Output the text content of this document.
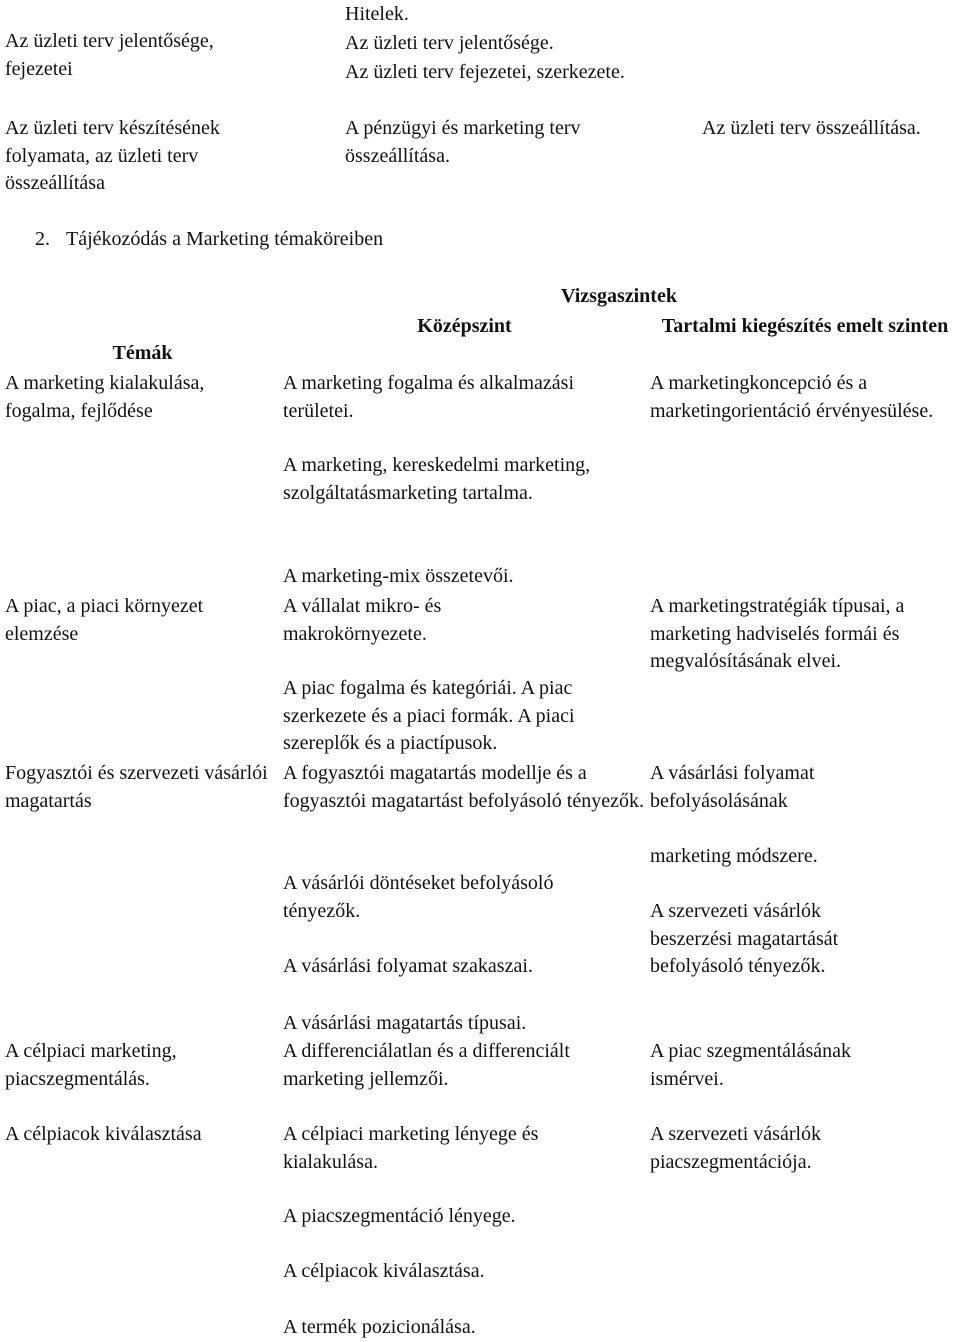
Az üzleti terv jelentősége, fejezetei

Hitelek.

Az üzleti terv jelentősége.

Az üzleti terv fejezetei, szerkezete.

Az üzleti terv készítésének folyamata, az üzleti terv összeállítása
A pénzügyi és marketing terv összeállítása.
Az üzleti terv összeállítása.
2. Tájékozódás a Marketing témaköreiben
Vizsgaszintek
Középszint	Tartalmi kiegészítés emelt szinten
Témák
A marketing kialakulása, fogalma, fejlődése
A marketing fogalma és alkalmazási területei.
A marketing, kereskedelmi marketing, szolgáltatásmarketing tartalma.
A marketing-mix összetevői.
A marketingkoncepció és a marketingorientáció érvényesülése.
A piac, a piaci környezet elemzése
A vállalat mikro- és makrokörnyezete.
A piac fogalma és kategóriái. A piac szerkezete és a piaci formák. A piaci szereplők és a piactípusok.
A marketingstratégiák típusai, a marketing hadviselés formái és megvalósításának elvei.
Fogyasztói és szervezeti vásárlói magatartás
A fogyasztói magatartás modellje és a fogyasztói magatartást befolyásoló tényezők.
A vásárlói döntéseket befolyásoló tényezők.
A vásárlási folyamat szakaszai.
A vásárlási magatartás típusai.
A vásárlási folyamat befolyásolásának
marketing módszere.
A szervezeti vásárlók beszerzési magatartását befolyásoló tényezők.
A célpiaci marketing, piacszegmentálás.
A differenciálatlan és a differenciált marketing jellemzői.
A piac szegmentálásának ismérvei.
A célpiacok kiválasztása	A célpiaci marketing lényege és kialakulása.
A piacszegmentáció lényege.
A célpiacok kiválasztása.
A termék pozicionálása.
A szervezeti vásárlók piacszegmentációja.
